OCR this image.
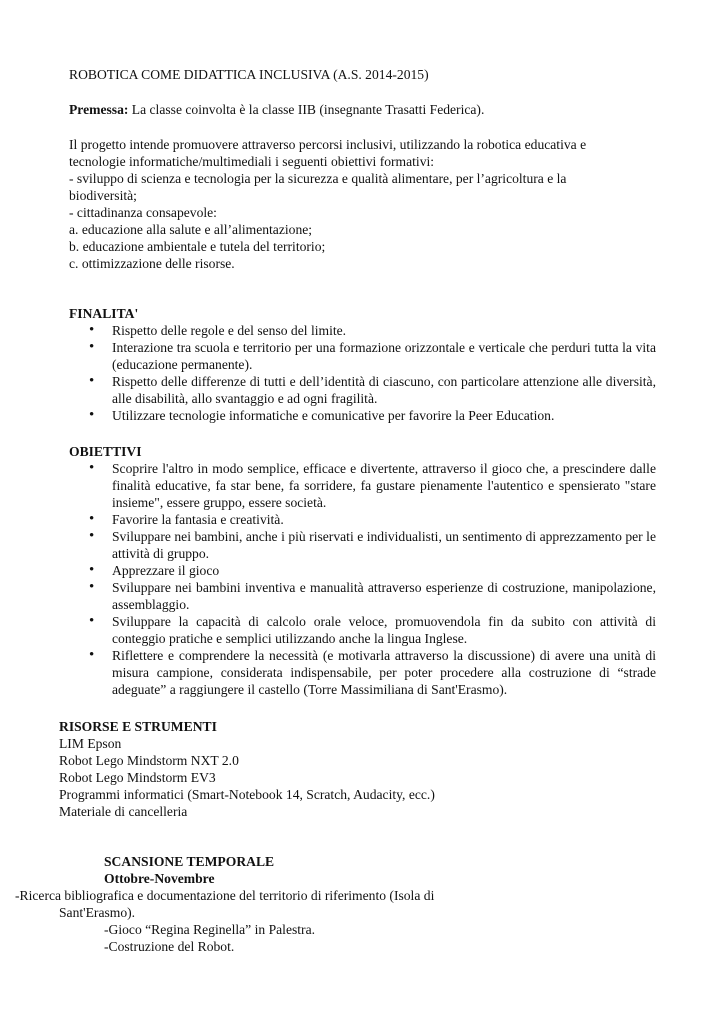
ROBOTICA COME DIDATTICA INCLUSIVA (A.S. 2014-2015)
Premessa: La classe coinvolta è la classe IIB (insegnante Trasatti Federica).
Il progetto intende promuovere attraverso percorsi inclusivi, utilizzando la robotica educativa e
tecnologie informatiche/multimediali i seguenti obiettivi formativi:
- sviluppo di scienza e tecnologia per la sicurezza e qualità alimentare, per l’agricoltura e la
biodiversità;
- cittadinanza consapevole:
a. educazione alla salute e all’alimentazione;
b. educazione ambientale e tutela del territorio;
c. ottimizzazione delle risorse.
FINALITA'
• Rispetto delle regole e del senso del limite.
• Interazione tra scuola e territorio per una formazione orizzontale e verticale che perduri tutta la vita (educazione permanente).
• Rispetto delle differenze di tutti e dell’identità di ciascuno, con particolare attenzione alle diversità, alle disabilità, allo svantaggio e ad ogni fragilità.
• Utilizzare tecnologie informatiche e comunicative per favorire la Peer Education.
OBIETTIVI
• Scoprire l'altro in modo semplice, efficace e divertente, attraverso il gioco che, a prescindere dalle finalità educative, fa star bene, fa sorridere, fa gustare pienamente l'autentico e spensierato "stare insieme", essere gruppo, essere società.
• Favorire la fantasia e creatività.
• Sviluppare nei bambini, anche i più riservati e individualisti, un sentimento di apprezzamento per le attività di gruppo.
• Apprezzare il gioco
• Sviluppare nei bambini inventiva e manualità attraverso esperienze di costruzione, manipolazione, assemblaggio.
• Sviluppare la capacità di calcolo orale veloce, promuovendola fin da subito con attività di conteggio pratiche e semplici utilizzando anche la lingua Inglese.
• Riflettere e comprendere la necessità (e motivarla attraverso la discussione) di avere una unità di misura campione, considerata indispensabile, per poter procedere alla costruzione di “strade adeguate” a raggiungere il castello (Torre Massimiliana di Sant'Erasmo).
RISORSE E STRUMENTI
LIM Epson
Robot Lego Mindstorm NXT 2.0
Robot Lego Mindstorm EV3
Programmi informatici (Smart-Notebook 14, Scratch, Audacity, ecc.)
Materiale di cancelleria
SCANSIONE TEMPORALE
Ottobre-Novembre
-Ricerca bibliografica e documentazione del territorio di riferimento (Isola di
Sant'Erasmo).
-Gioco “Regina Reginella” in Palestra.
-Costruzione del Robot.
